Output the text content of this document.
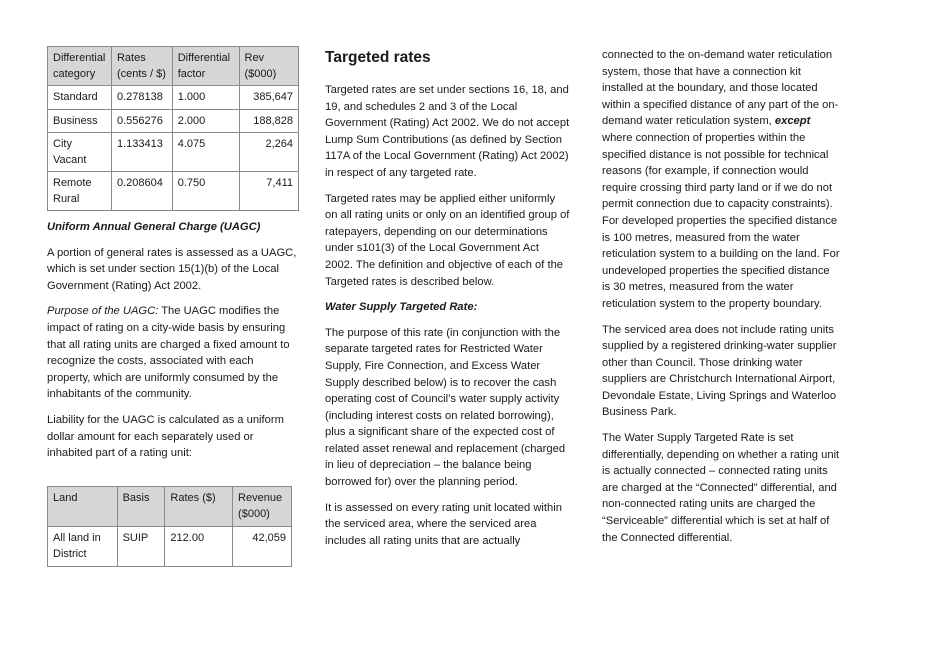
Differential category	Rates (cents / $)	Differential factor	Rev ($000)
Standard	0.278138	1.000	385,647
Business	0.556276	2.000	188,828
City Vacant	1.133413	4.075	2,264
Remote Rural	0.208604	0.750	7,411

Uniform Annual General Charge (UAGC)

A portion of general rates is assessed as a UAGC, which is set under section 15(1)(b) of the Local Government (Rating) Act 2002.

Purpose of the UAGC: The UAGC modifies the impact of rating on a city-wide basis by ensuring that all rating units are charged a fixed amount to recognize the costs, associated with each property, which are uniformly consumed by the inhabitants of the community.

Liability for the UAGC is calculated as a uniform dollar amount for each separately used or inhabited part of a rating unit:

Land	Basis	Rates ($)	Revenue ($000)
All land in District	SUIP	212.00	42,059
Targeted rates

Targeted rates are set under sections 16, 18, and 19, and schedules 2 and 3 of the Local Government (Rating) Act 2002. We do not accept Lump Sum Contributions (as defined by Section 117A of the Local Government (Rating) Act 2002) in respect of any targeted rate.

Targeted rates may be applied either uniformly on all rating units or only on an identified group of ratepayers, depending on our determinations under s101(3) of the Local Government Act 2002. The definition and objective of each of the Targeted rates is described below.

Water Supply Targeted Rate:

The purpose of this rate (in conjunction with the separate targeted rates for Restricted Water Supply, Fire Connection, and Excess Water Supply described below) is to recover the cash operating cost of Council’s water supply activity (including interest costs on related borrowing), plus a significant share of the expected cost of related asset renewal and replacement (charged in lieu of depreciation – the balance being borrowed for) over the planning period.

It is assessed on every rating unit located within the serviced area, where the serviced area includes all rating units that are actually

connected to the on-demand water reticulation system, those that have a connection kit installed at the boundary, and those located within a specified distance of any part of the on-demand water reticulation system, except where connection of properties within the specified distance is not possible for technical reasons (for example, if connection would require crossing third party land or if we do not permit connection due to capacity constraints). For developed properties the specified distance is 100 metres, measured from the water reticulation system to a building on the land. For undeveloped properties the specified distance is 30 metres, measured from the water reticulation system to the property boundary.

The serviced area does not include rating units supplied by a registered drinking-water supplier other than Council. Those drinking water suppliers are Christchurch International Airport, Devondale Estate, Living Springs and Waterloo Business Park.

The Water Supply Targeted Rate is set differentially, depending on whether a rating unit is actually connected – connected rating units are charged at the “Connected” differential, and non-connected rating units are charged the “Serviceable” differential which is set at half of the Connected differential.
